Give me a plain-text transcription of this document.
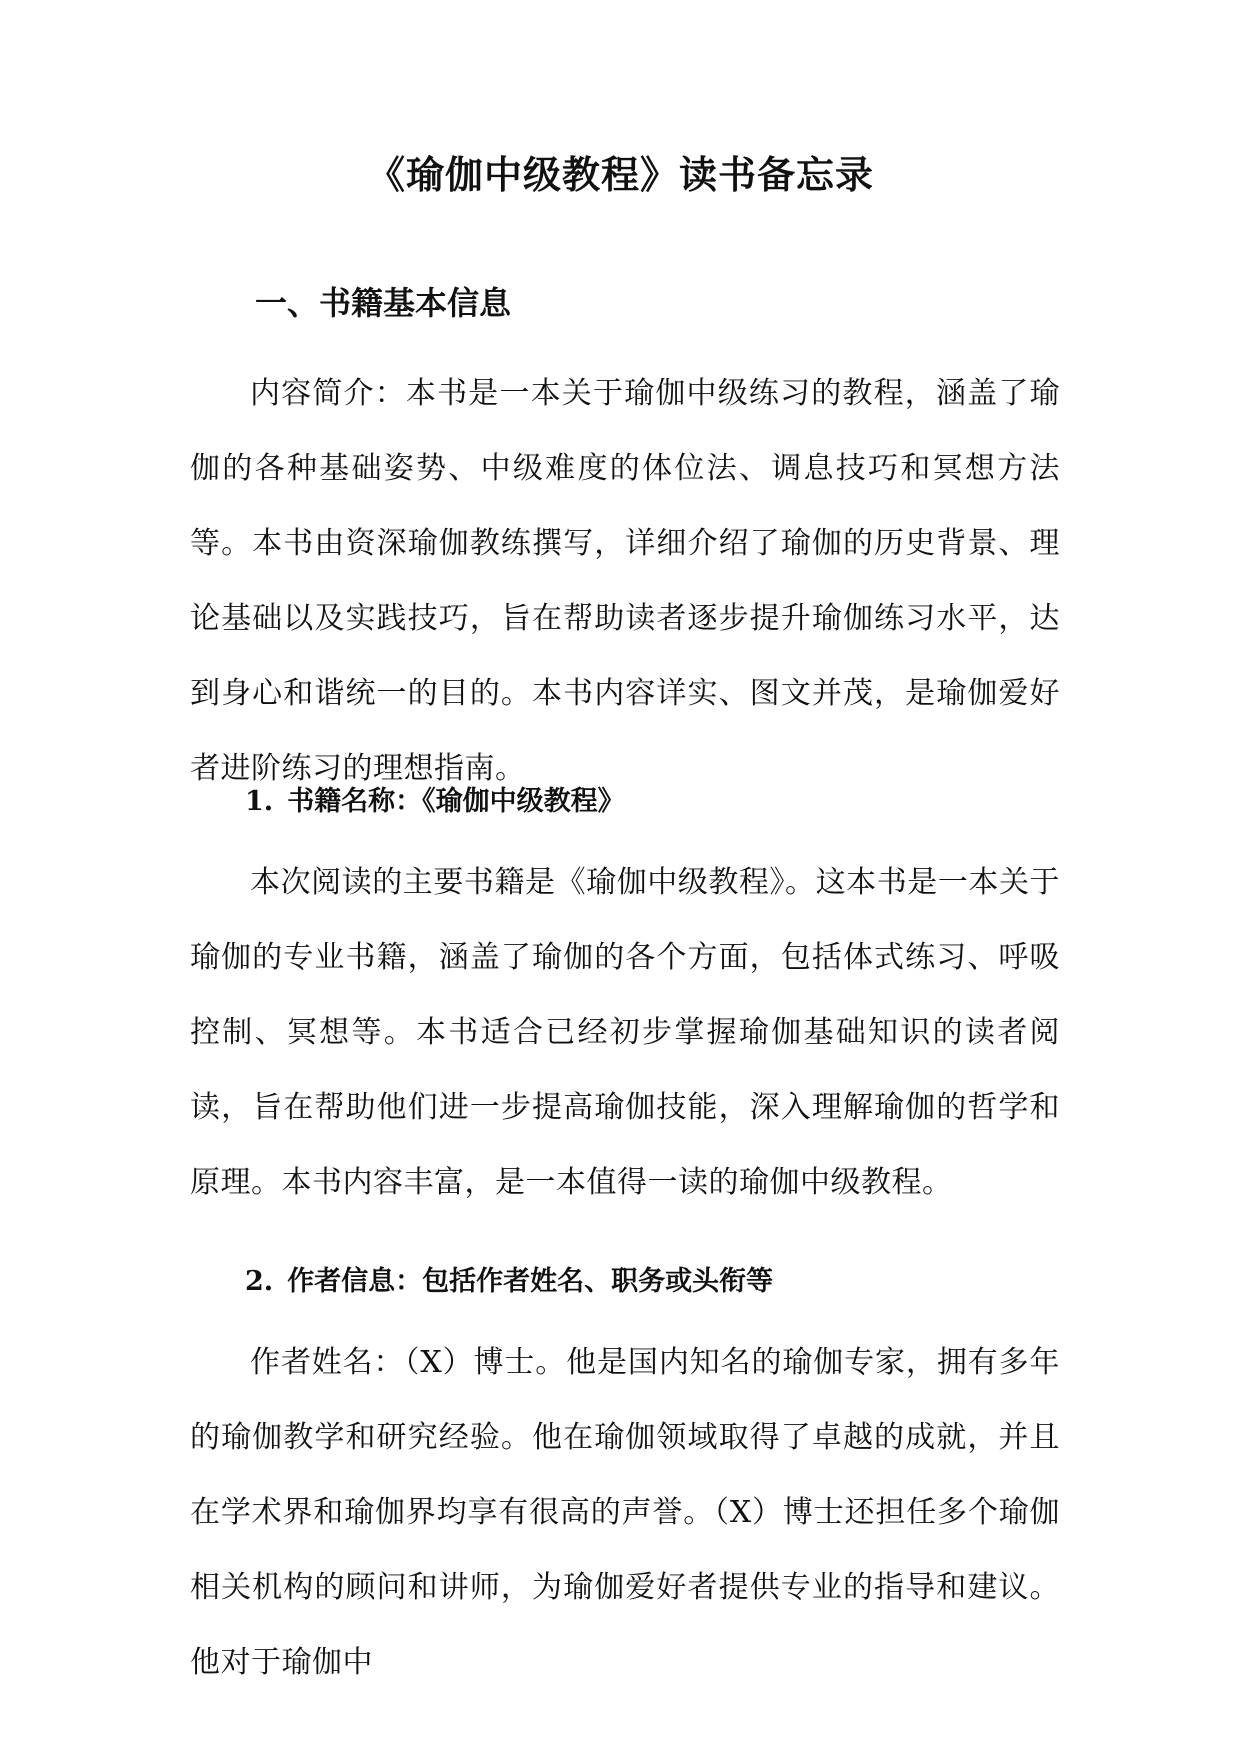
《瑜伽中级教程》读书备忘录
一、书籍基本信息

内容简介：本书是一本关于瑜伽中级练习的教程，涵盖了瑜伽的各种基础姿势、中级难度的体位法、调息技巧和冥想方法等。本书由资深瑜伽教练撰写，详细介绍了瑜伽的历史背景、理论基础以及实践技巧，旨在帮助读者逐步提升瑜伽练习水平，达到身心和谐统一的目的。本书内容详实、图文并茂，是瑜伽爱好者进阶练习的理想指南。

1. 书籍名称：《瑜伽中级教程》

本次阅读的主要书籍是《瑜伽中级教程》。这本书是一本关于瑜伽的专业书籍，涵盖了瑜伽的各个方面，包括体式练习、呼吸控制、冥想等。本书适合已经初步掌握瑜伽基础知识的读者阅读，旨在帮助他们进一步提高瑜伽技能，深入理解瑜伽的哲学和原理。本书内容丰富，是一本值得一读的瑜伽中级教程。

2. 作者信息：包括作者姓名、职务或头衔等

作者姓名：（X）博士。他是国内知名的瑜伽专家，拥有多年的瑜伽教学和研究经验。他在瑜伽领域取得了卓越的成就，并且在学术界和瑜伽界均享有很高的声誉。（X）博士还担任多个瑜伽相关机构的顾问和讲师，为瑜伽爱好者提供专业的指导和建议。他对于瑜伽中
